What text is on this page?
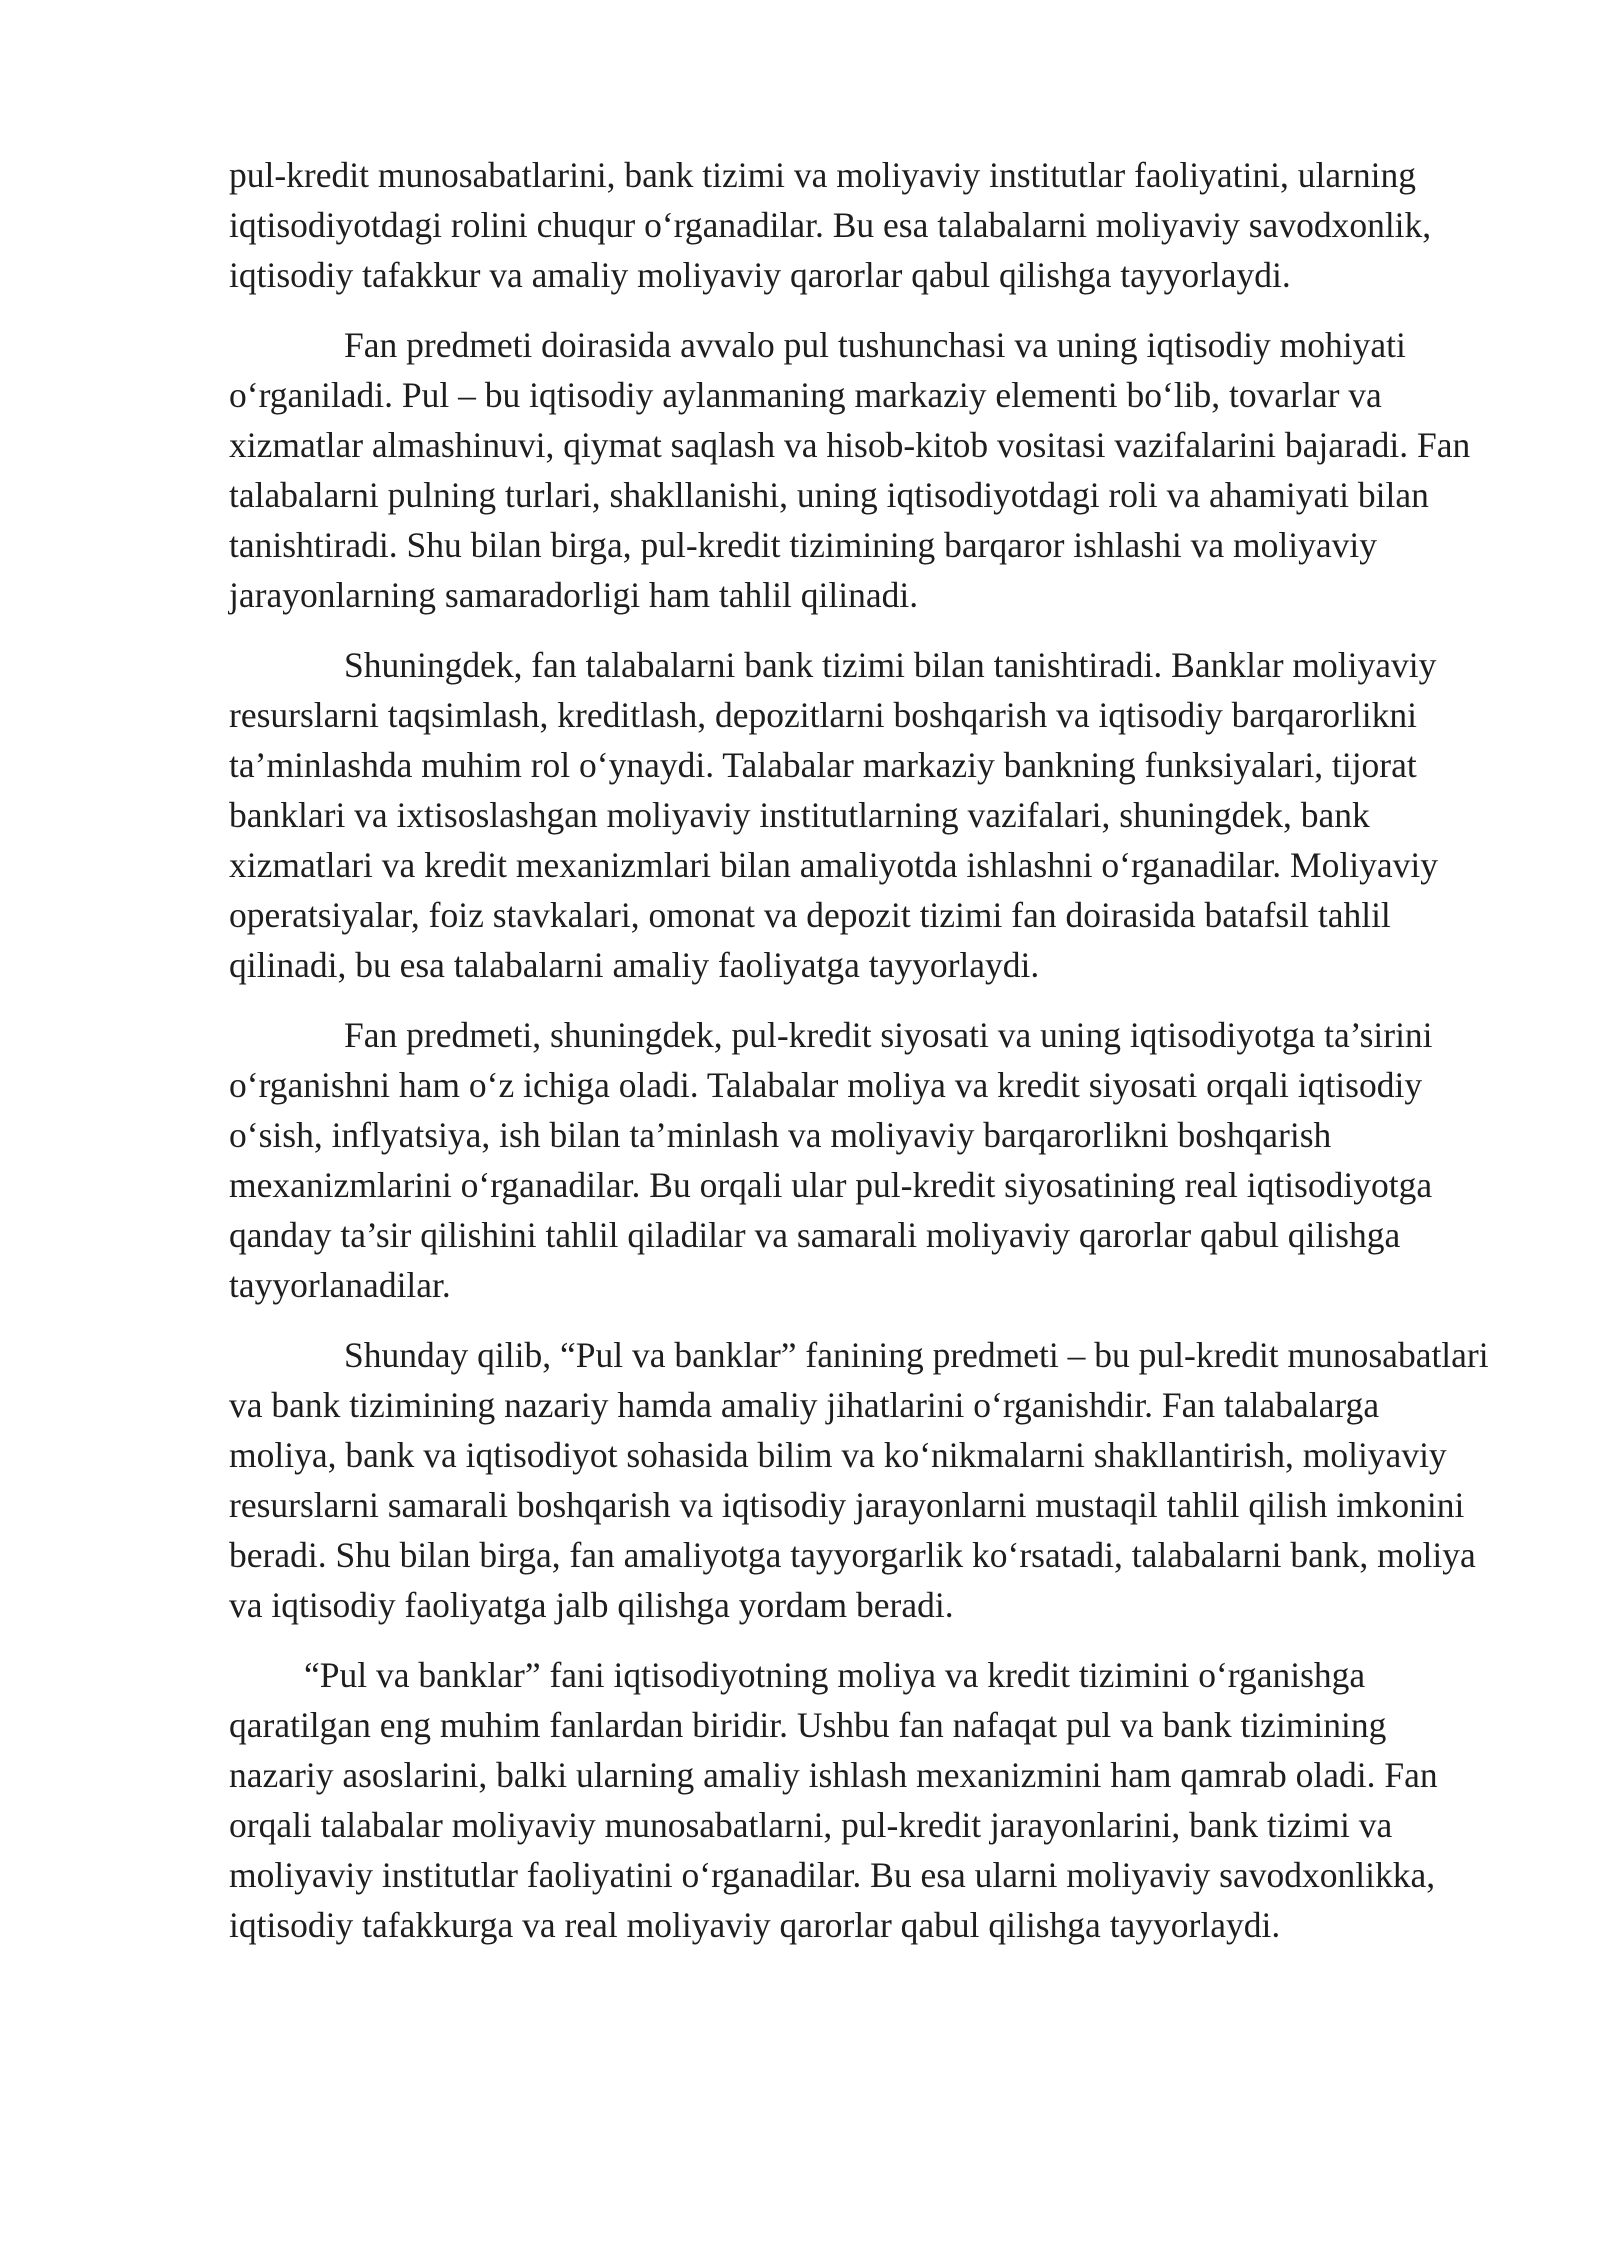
pul-kredit munosabatlarini, bank tizimi va moliyaviy institutlar faoliyatini, ularning iqtisodiyotdagi rolini chuqur o‘rganadilar. Bu esa talabalarni moliyaviy savodxonlik, iqtisodiy tafakkur va amaliy moliyaviy qarorlar qabul qilishga tayyorlaydi.

Fan predmeti doirasida avvalo pul tushunchasi va uning iqtisodiy mohiyati o‘rganiladi. Pul – bu iqtisodiy aylanmaning markaziy elementi bo‘lib, tovarlar va xizmatlar almashinuvi, qiymat saqlash va hisob-kitob vositasi vazifalarini bajaradi. Fan talabalarni pulning turlari, shakllanishi, uning iqtisodiyotdagi roli va ahamiyati bilan tanishtiradi. Shu bilan birga, pul-kredit tizimining barqaror ishlashi va moliyaviy jarayonlarning samaradorligi ham tahlil qilinadi.

Shuningdek, fan talabalarni bank tizimi bilan tanishtiradi. Banklar moliyaviy resurslarni taqsimlash, kreditlash, depozitlarni boshqarish va iqtisodiy barqarorlikni ta’minlashda muhim rol o‘ynaydi. Talabalar markaziy bankning funksiyalari, tijorat banklari va ixtisoslashgan moliyaviy institutlarning vazifalari, shuningdek, bank xizmatlari va kredit mexanizmlari bilan amaliyotda ishlashni o‘rganadilar. Moliyaviy operatsiyalar, foiz stavkalari, omonat va depozit tizimi fan doirasida batafsil tahlil qilinadi, bu esa talabalarni amaliy faoliyatga tayyorlaydi.

Fan predmeti, shuningdek, pul-kredit siyosati va uning iqtisodiyotga ta’sirini o‘rganishni ham o‘z ichiga oladi. Talabalar moliya va kredit siyosati orqali iqtisodiy o‘sish, inflyatsiya, ish bilan ta’minlash va moliyaviy barqarorlikni boshqarish mexanizmlarini o‘rganadilar. Bu orqali ular pul-kredit siyosatining real iqtisodiyotga qanday ta’sir qilishini tahlil qiladilar va samarali moliyaviy qarorlar qabul qilishga tayyorlanadilar.

Shunday qilib, “Pul va banklar” fanining predmeti – bu pul-kredit munosabatlari va bank tizimining nazariy hamda amaliy jihatlarini o‘rganishdir. Fan talabalarga moliya, bank va iqtisodiyot sohasida bilim va ko‘nikmalarni shakllantirish, moliyaviy resurslarni samarali boshqarish va iqtisodiy jarayonlarni mustaqil tahlil qilish imkonini beradi. Shu bilan birga, fan amaliyotga tayyorgarlik ko‘rsatadi, talabalarni bank, moliya va iqtisodiy faoliyatga jalb qilishga yordam beradi.

“Pul va banklar” fani iqtisodiyotning moliya va kredit tizimini o‘rganishga qaratilgan eng muhim fanlardan biridir. Ushbu fan nafaqat pul va bank tizimining nazariy asoslarini, balki ularning amaliy ishlash mexanizmini ham qamrab oladi. Fan orqali talabalar moliyaviy munosabatlarni, pul-kredit jarayonlarini, bank tizimi va moliyaviy institutlar faoliyatini o‘rganadilar. Bu esa ularni moliyaviy savodxonlikka, iqtisodiy tafakkurga va real moliyaviy qarorlar qabul qilishga tayyorlaydi.
